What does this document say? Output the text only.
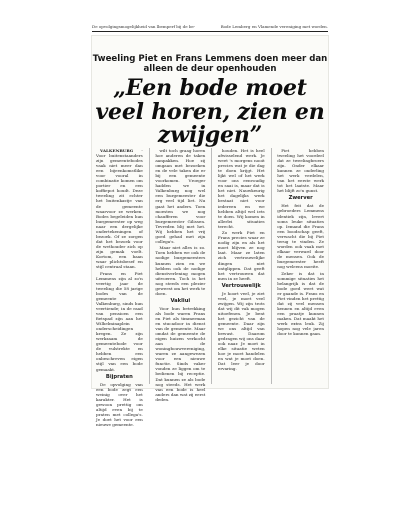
De opvolgingsmogelijkheid van lbemperf bij de be-	Bode Lemberg en Vlamende vereniging met worden.
Tweeling Piet en Frans Lemmens doen meer dan alleen de deur openhouden
„Een bode moet veel horen, zien en zwijgen”

VALKENBURG - Voor buitenstaanders zijn gemeentebodes vaak niet meer dan een bijeenkomstlike voor vooral in combinatie komen om portier en een koffiepot houdt. Deze tweeling zit echter het buitenkastje van de gemeente waarvoor ze werken. Bodes begeleiden hun burgemeester op weg naar een dergelijke ondertekeningen of bezoek. Of ze zorgen dat het bezoek voor de wethouder zich op zijn gemak voelt. Kortom, een baan waar plichtsbesef en stijl centraal staan.

Frans en Piet Lemmens zijn al zo'n veertig jaar de tweeling die 58 jarige bodes van de gemeente Valkenburg, sinds hun veertiende; in de raad van pensioen een fietspad zijn aan het Wilhelminaplein onderscheidingen kregen. Ze zijn werkzaam de gemeentebode voor de vulstrekte en hebben een onbeschreven eigen stijl van een bode gemaakt.

Bijpraten

De opvolging van een bode zegt een weinig over het karakter. Het is gewoon prettig om altijd even bij te praten met collega's. Je doet het voor een nieuwe gemeente.

wilt toch graag horen hoe anderen de taken aanpakken. Hoe zij omgaan met bezoeken en de vele taken die er bij een gemeente voorkomen. Vroeger hadden we in Valkenburg nog wel een burgemeester die erg veel tijd liet. Nu gaat het anders. Toen moesten we nog chaufferen voor burgemeester Gilissen. Tevreden blij met het. Wij hebben het vrij goed gehad met zijn collega's.

Maar niet alles is zo. Toen hebben we ook de nodige burgemeesters kunnen zien en we hebben ook de nodige dienstverlening mogen uitvoeren. Toch is het nog steeds een plezier geweest om het werk te doen.

Vakliui

Voor hun betrekking als bode waren Frans en Piet als timmerman en stucadoor in dienst van de gemeente. Maar omdat de gemeente de eigen huizen verkocht aan de woningbouwvereniging, waren ze aangewezen voor een nieuwe functie. Sinds vaker vonden ze liggen om te bedienen bij receptie. Dat kunnen ze als bode nog steeds. Het werk van een bode is heel anders dan wat zij eerst deden.

houden. Het is heel afwisselend werk. Je weet 's morgens nooit precies wat je die dag te doen krijgt. Het lijkt wel of het werk voor ons eenvoudig en saai is, maar dat is het niet. Nauwkeurig het dagelijks werk bestaat niet voor iedereen en we hebben altijd wel iets te doen. Wij komen in allerlei situaties terecht.

Zo werk Piet en Frans precies waar ze nodig zijn en als het moet blijven ze nog laat. Maar ze laten zich vertrouwelijke dingen niet ontglippen. Dat geeft het vertrouwen dat men in ze heeft.

Vertrouwelijk

Je hoort veel, je ziet veel, je moet veel zwijgen. Wij zijn trots dat wij dit vak mogen uitoefenen. Je bent het gezicht van de gemeente. Daar zijn we ons altijd van bewust. Daarom gedragen wij ons daar ook naar. Je moet in elke situatie weten hoe je moet handelen en wat je moet doen. Dat leer je door ervaring.

Piet hebben tweeling het voordeel dat ze tweelingbroers zijn. Onder elkaar kunnen ze onderling het werk verdelen, van het eerste werk tot het laatste. Maar het blijft zo'n gunst.

Zwerver

Het feit dat de gebroeders Lemmens identiek zijn, levert soms leuke situaties op. Iemand die Frans een boodschap geeft, verwacht die bij Piet terug te vinden. Ze worden ook vaak met elkaar verward door de mensen. Ook de burgemeester heeft nog weleens moeite.

Zeker is dat in sommige situaties het belangrijk is dat de bode goed weet wat er gaande is. Frans en Piet vinden het prettig dat zij veel mensen kennen en altijd even een praatje kunnen maken. Dat maakt het werk extra leuk. Zij hopen nog vele jaren door te kunnen gaan.
